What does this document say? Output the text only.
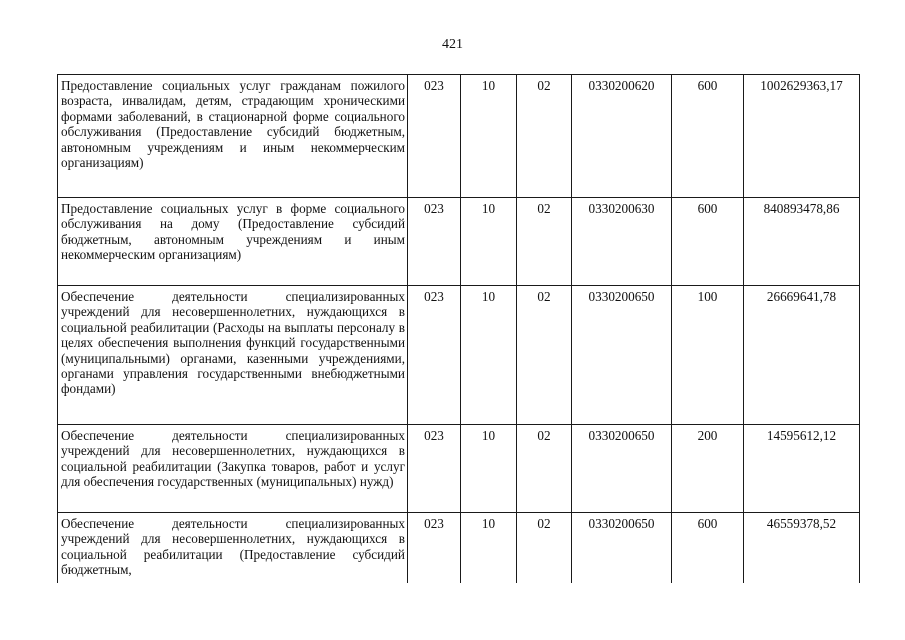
421
Предоставление социальных услуг гражданам пожилого возраста, инвалидам, детям, страдающим хроническими формами заболеваний, в стационарной форме социального обслуживания (Предоставление субсидий бюджетным, автономным учреждениям и иным некоммерческим организациям)	023	10	02	0330200620	600	1002629363,17
Предоставление социальных услуг в форме социального обслуживания на дому (Предоставление субсидий бюджетным, автономным учреждениям и иным некоммерческим организациям)	023	10	02	0330200630	600	840893478,86
Обеспечение деятельности специализированных учреждений для несовершеннолетних, нуждающихся в социальной реабилитации (Расходы на выплаты персоналу в целях обеспечения выполнения функций государственными (муниципальными) органами, казенными учреждениями, органами управления государственными внебюджетными фондами)	023	10	02	0330200650	100	26669641,78
Обеспечение деятельности специализированных учреждений для несовершеннолетних, нуждающихся в социальной реабилитации (Закупка товаров, работ и услуг для обеспечения государственных (муниципальных) нужд)	023	10	02	0330200650	200	14595612,12
Обеспечение деятельности специализированных учреждений для несовершеннолетних, нуждающихся в социальной реабилитации (Предоставление субсидий бюджетным,	023	10	02	0330200650	600	46559378,52
